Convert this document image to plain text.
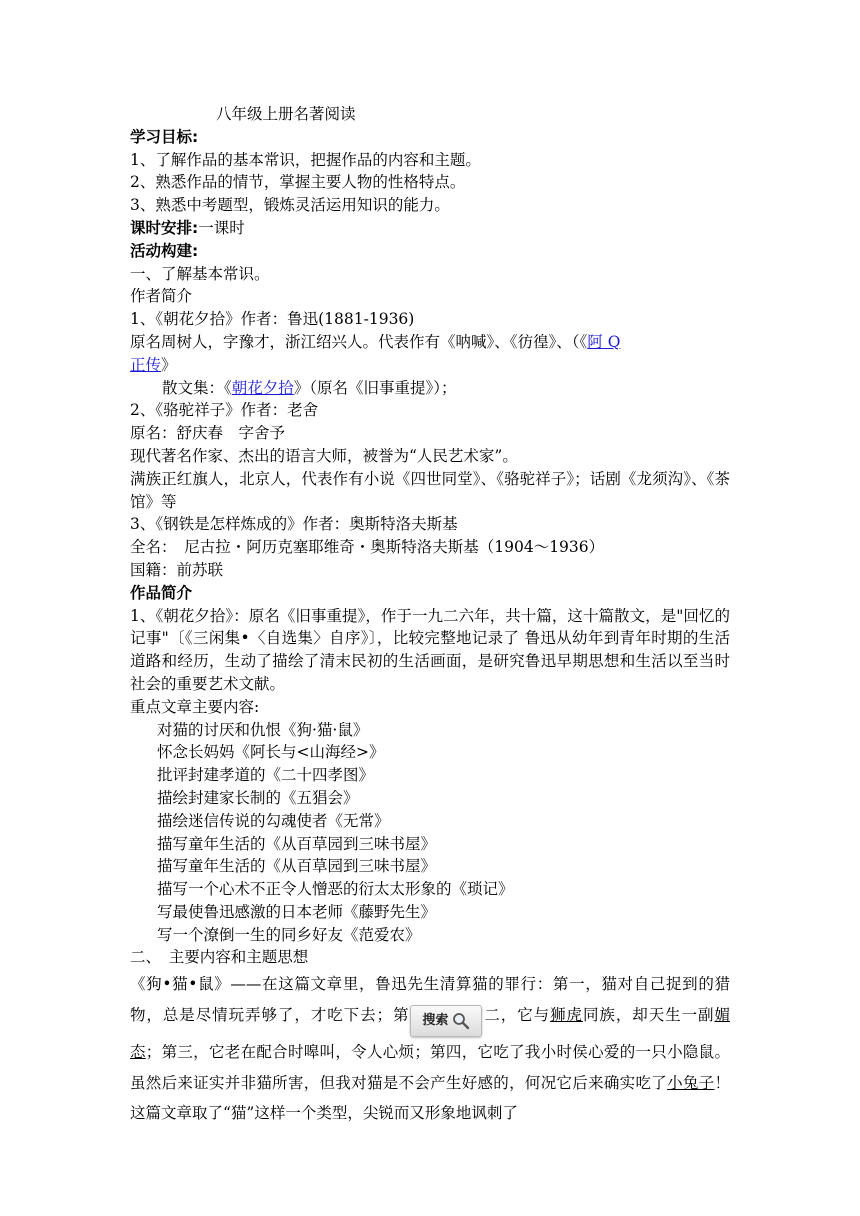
八年级上册名著阅读
学习目标:
1、了解作品的基本常识，把握作品的内容和主题。
2、熟悉作品的情节，掌握主要人物的性格特点。
3、熟悉中考题型，锻炼灵活运用知识的能力。
课时安排:一课时
活动构建:
一、了解基本常识。
作者简介
1、《朝花夕拾》作者：鲁迅(1881-1936)
原名周树人，字豫才，浙江绍兴人。代表作有《呐喊》、《彷徨》、（《阿 Q
正传》
散文集：《朝花夕拾》（原名《旧事重提》）；
2、《骆驼祥子》作者：老舍
原名：舒庆春　字舍予
现代著名作家、杰出的语言大师，被誉为“人民艺术家”。
满族正红旗人，北京人，代表作有小说《四世同堂》、《骆驼祥子》；话剧《龙须沟》、《茶馆》等
3、《钢铁是怎样炼成的》作者：奥斯特洛夫斯基
全名：　尼古拉・阿历克塞耶维奇・奥斯特洛夫斯基（1904～1936）
国籍：前苏联
作品简介
1、《朝花夕拾》：原名《旧事重提》，作于一九二六年，共十篇，这十篇散文，是"回忆的记事"〔《三闲集•〈自选集〉自序》〕，比较完整地记录了 鲁迅从幼年到青年时期的生活道路和经历，生动了描绘了清末民初的生活画面，是研究鲁迅早期思想和生活以至当时社会的重要艺术文献。
重点文章主要内容:
对猫的讨厌和仇恨《狗·猫·鼠》
怀念长妈妈《阿长与<山海经>》
批评封建孝道的《二十四孝图》
描绘封建家长制的《五猖会》
描绘迷信传说的勾魂使者《无常》
描写童年生活的《从百草园到三味书屋》
描写童年生活的《从百草园到三味书屋》
描写一个心术不正令人憎恶的衍太太形象的《琐记》
写最使鲁迅感激的日本老师《藤野先生》
写一个潦倒一生的同乡好友《范爱农》
二、　主要内容和主题思想
《狗•猫•鼠》——在这篇文章里，鲁迅先生清算猫的罪行：第一，猫对自己捉到的猎物，总是尽情玩弄够了，才吃下去；第 搜索 二，它与狮虎同族，却天生一副媚态；第三，它老在配合时嗥叫，令人心烦；第四，它吃了我小时侯心爱的一只小隐鼠。虽然后来证实并非猫所害，但我对猫是不会产生好感的，何况它后来确实吃了小兔子！这篇文章取了“猫”这样一个类型，尖锐而又形象地讽刺了
